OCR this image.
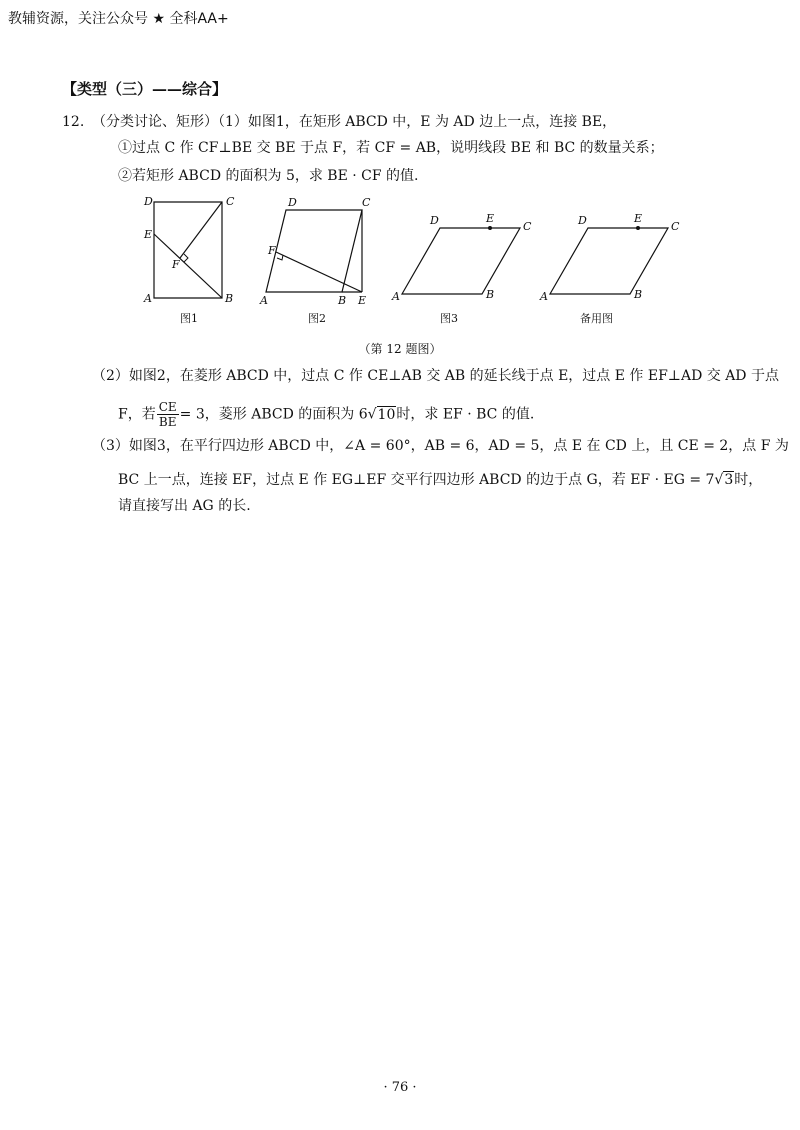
教辅资源，关注公众号 ★ 全科AA+
【类型（三）——综合】
12. （分类讨论、矩形）（1）如图1，在矩形 ABCD 中，E 为 AD 边上一点，连接 BE，
①过点 C 作 CF⊥BE 交 BE 于点 F，若 CF = AB，说明线段 BE 和 BC 的数量关系；
②若矩形 ABCD 的面积为 5，求 BE · CF 的值.
D	C
E
F
A	B
图1
D	C
F
A	B E
图2
D	E
C
A	B
图3
D	E
C
A	B
备用图
（第 12 题图）
（2）如图2，在菱形 ABCD 中，过点 C 作 CE⊥AB 交 AB 的延长线于点 E，过点 E 作 EF⊥AD 交 AD 于点
F，若 $\frac{CE}{BE} = 3$，菱形 ABCD 的面积为 6√10时，求 EF · BC 的值.
（3）如图3，在平行四边形 ABCD 中，∠A = 60°，AB = 6，AD = 5，点 E 在 CD 上，且 CE = 2，点 F 为
BC 上一点，连接 EF，过点 E 作 EG⊥EF 交平行四边形 ABCD 的边于点 G，若 EF · EG = 7√3时，
请直接写出 AG 的长.
· 76 ·
